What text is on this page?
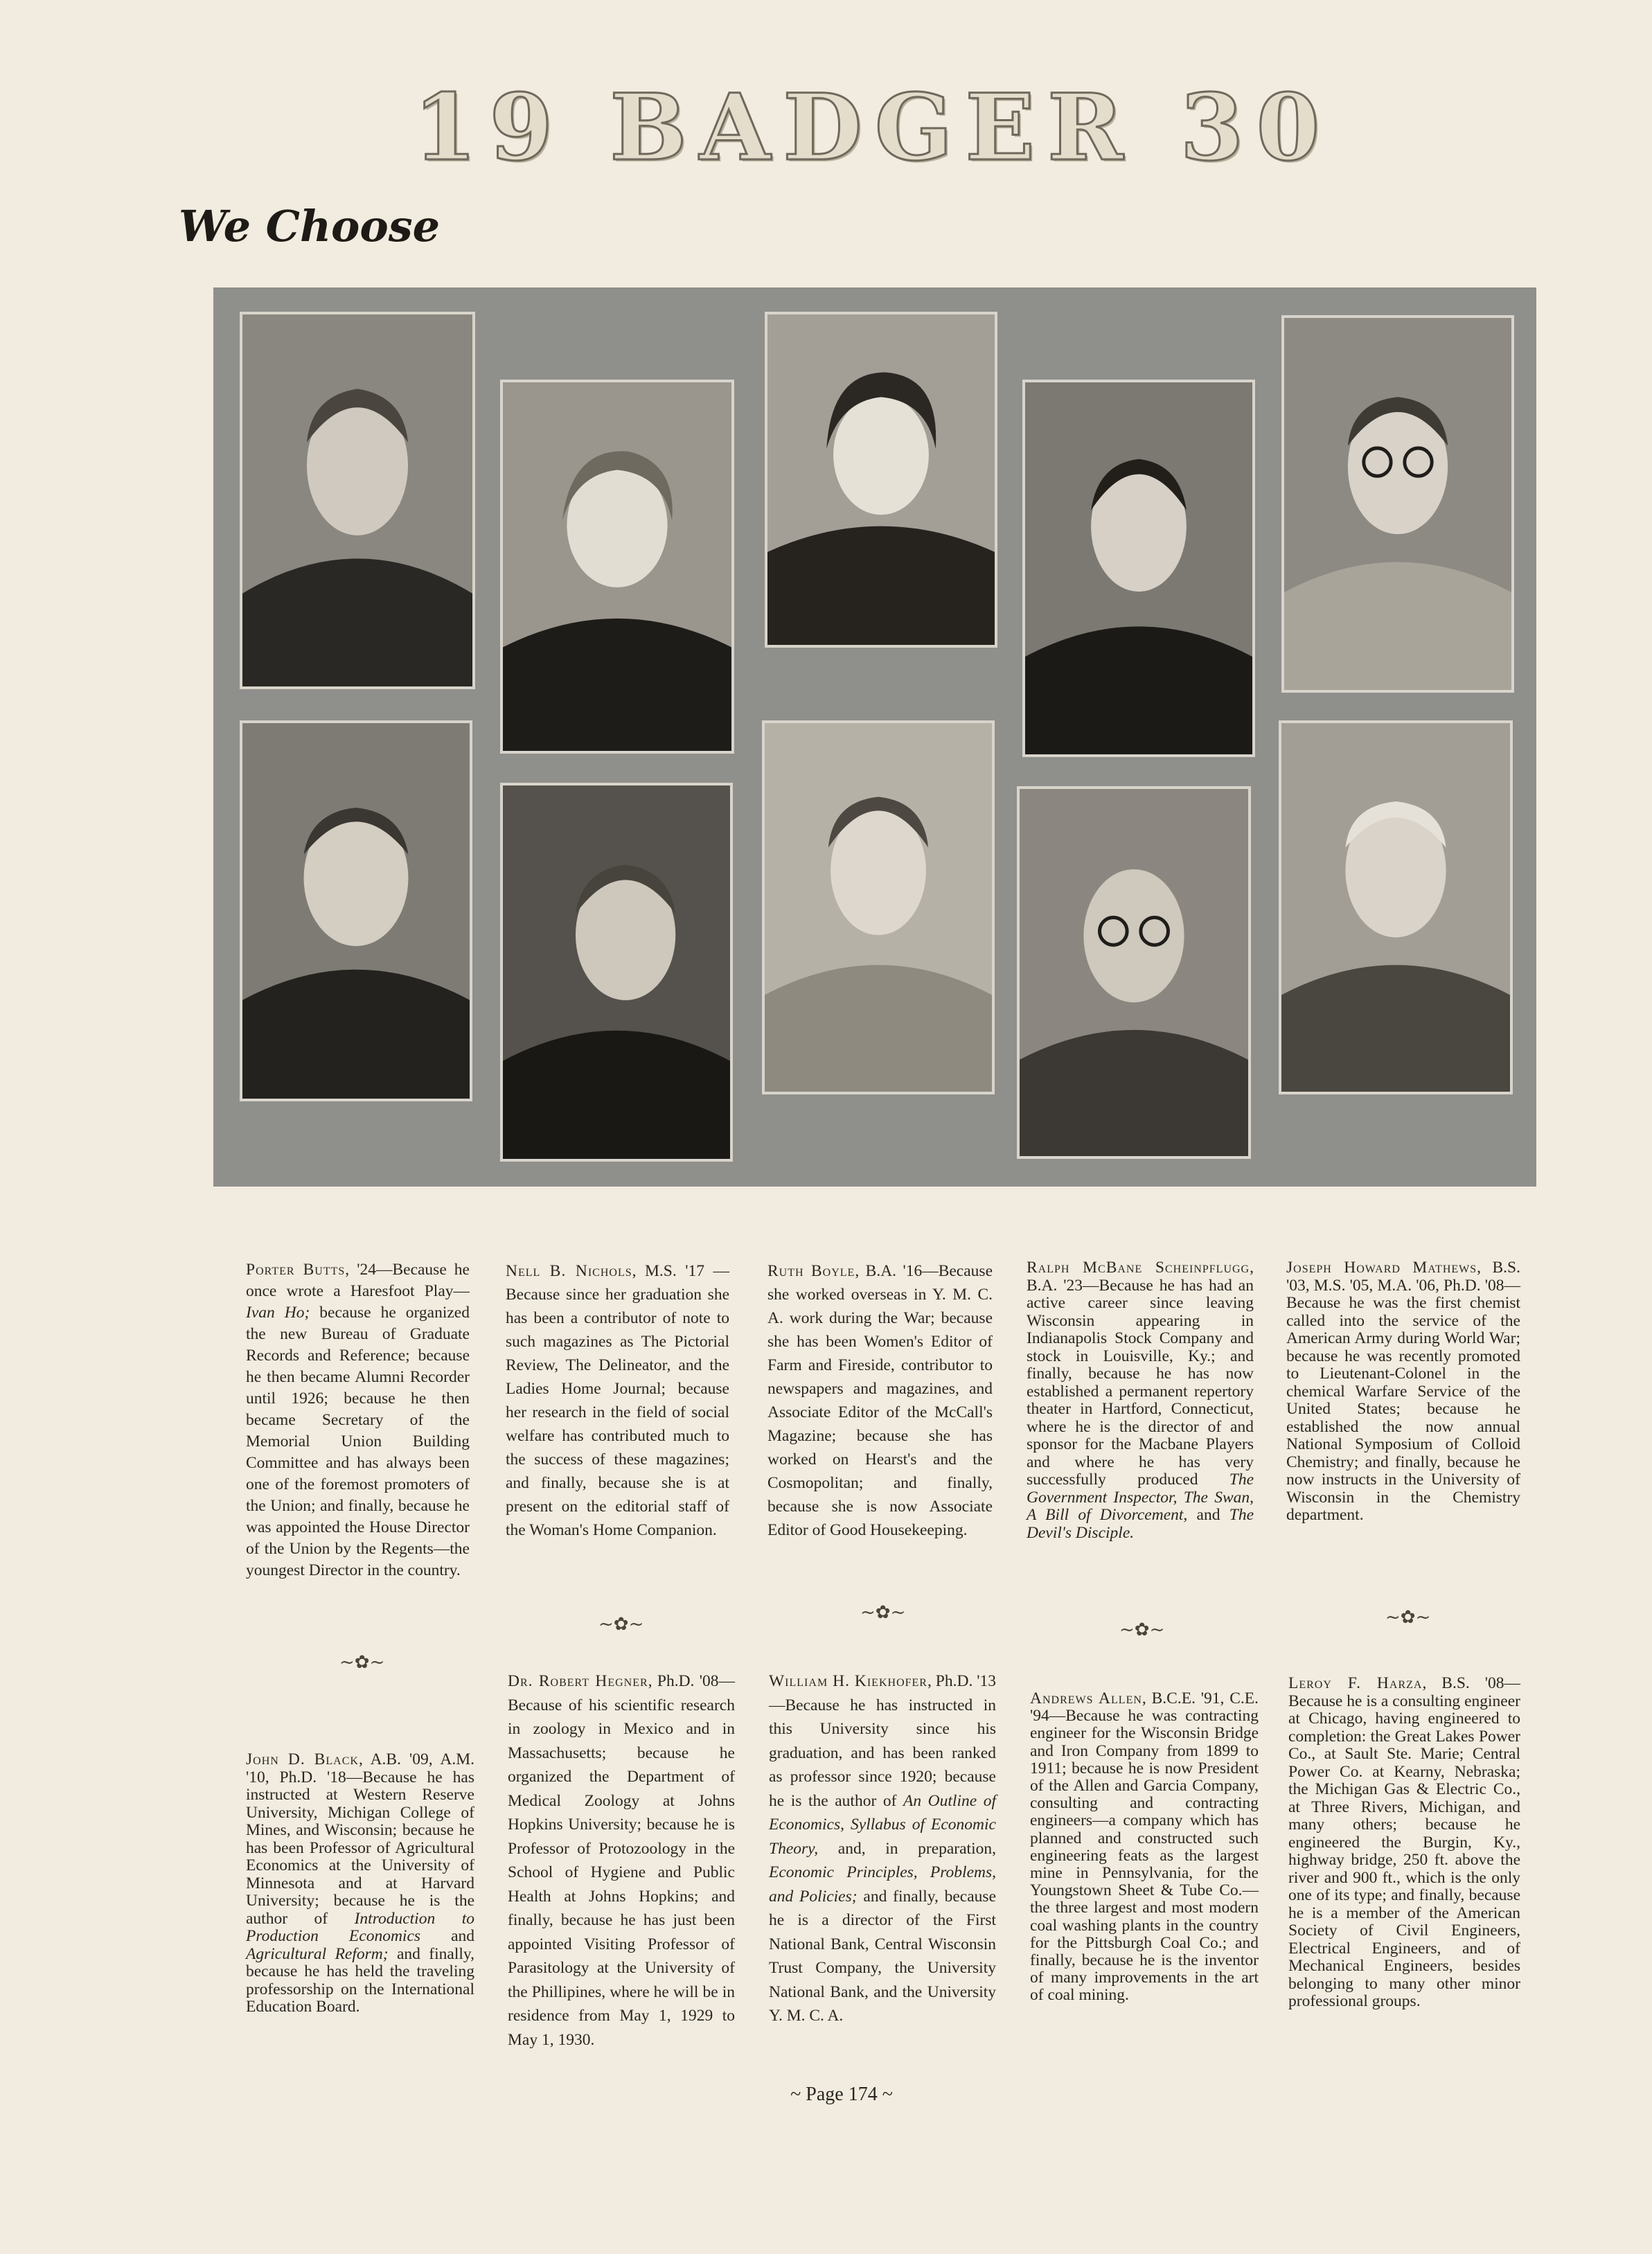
19 BADGER 30
We Choose
Porter Butts, '24—Because he once wrote a Haresfoot Play—Ivan Ho; because he organized the new Bureau of Graduate Records and Reference; because he then became Alumni Recorder until 1926; because he then became Secretary of the Memorial Union Building Committee and has always been one of the foremost promoters of the Union; and finally, because he was appointed the House Director of the Union by the Regents—the youngest Director in the country.
Nell B. Nichols, M.S. '17 —Because since her graduation she has been a contributor of note to such magazines as The Pictorial Review, The Delineator, and the Ladies Home Journal; because her research in the field of social welfare has contributed much to the success of these magazines; and finally, because she is at present on the editorial staff of the Woman's Home Companion.
Ruth Boyle, B.A. '16—Because she worked overseas in Y. M. C. A. work during the War; because she has been Women's Editor of Farm and Fireside, contributor to newspapers and magazines, and Associate Editor of the McCall's Magazine; because she has worked on Hearst's and the Cosmopolitan; and finally, because she is now Associate Editor of Good Housekeeping.
Ralph McBane Scheinpflugg, B.A. '23—Because he has had an active career since leaving Wisconsin appearing in Indianapolis Stock Company and stock in Louisville, Ky.; and finally, because he has now established a permanent repertory theater in Hartford, Connecticut, where he is the director of and sponsor for the Macbane Players and where he has very successfully produced The Government Inspector, The Swan, A Bill of Divorcement, and The Devil's Disciple.
Joseph Howard Mathews, B.S. '03, M.S. '05, M.A. '06, Ph.D. '08—Because he was the first chemist called into the service of the American Army during World War; because he was recently promoted to Lieutenant-Colonel in the chemical Warfare Service of the United States; because he established the now annual National Symposium of Colloid Chemistry; and finally, because he now instructs in the University of Wisconsin in the Chemistry department.
~✿~
~✿~
~✿~
~✿~
~✿~
John D. Black, A.B. '09, A.M. '10, Ph.D. '18—Because he has instructed at Western Reserve University, Michigan College of Mines, and Wisconsin; because he has been Professor of Agricultural Economics at the University of Minnesota and at Harvard University; because he is the author of Introduction to Production Economics and Agricultural Reform; and finally, because he has held the traveling professorship on the International Education Board.
Dr. Robert Hegner, Ph.D. '08—Because of his scientific research in zoology in Mexico and in Massachusetts; because he organized the Department of Medical Zoology at Johns Hopkins University; because he is Professor of Protozoology in the School of Hygiene and Public Health at Johns Hopkins; and finally, because he has just been appointed Visiting Professor of Parasitology at the University of the Phillipines, where he will be in residence from May 1, 1929 to May 1, 1930.
William H. Kiekhofer, Ph.D. '13—Because he has instructed in this University since his graduation, and has been ranked as professor since 1920; because he is the author of An Outline of Economics, Syllabus of Economic Theory, and, in preparation, Economic Principles, Problems, and Policies; and finally, because he is a director of the First National Bank, Central Wisconsin Trust Company, the University National Bank, and the University Y. M. C. A.
Andrews Allen, B.C.E. '91, C.E. '94—Because he was contracting engineer for the Wisconsin Bridge and Iron Company from 1899 to 1911; because he is now President of the Allen and Garcia Company, consulting and contracting engineers—a company which has planned and constructed such engineering feats as the largest mine in Pennsylvania, for the Youngstown Sheet & Tube Co.—the three largest and most modern coal washing plants in the country for the Pittsburgh Coal Co.; and finally, because he is the inventor of many improvements in the art of coal mining.
Leroy F. Harza, B.S. '08—Because he is a consulting engineer at Chicago, having engineered to completion: the Great Lakes Power Co., at Sault Ste. Marie; Central Power Co. at Kearny, Nebraska; the Michigan Gas & Electric Co., at Three Rivers, Michigan, and many others; because he engineered the Burgin, Ky., highway bridge, 250 ft. above the river and 900 ft., which is the only one of its type; and finally, because he is a member of the American Society of Civil Engineers, Electrical Engineers, and of Mechanical Engineers, besides belonging to many other minor professional groups.
~ Page 174 ~
